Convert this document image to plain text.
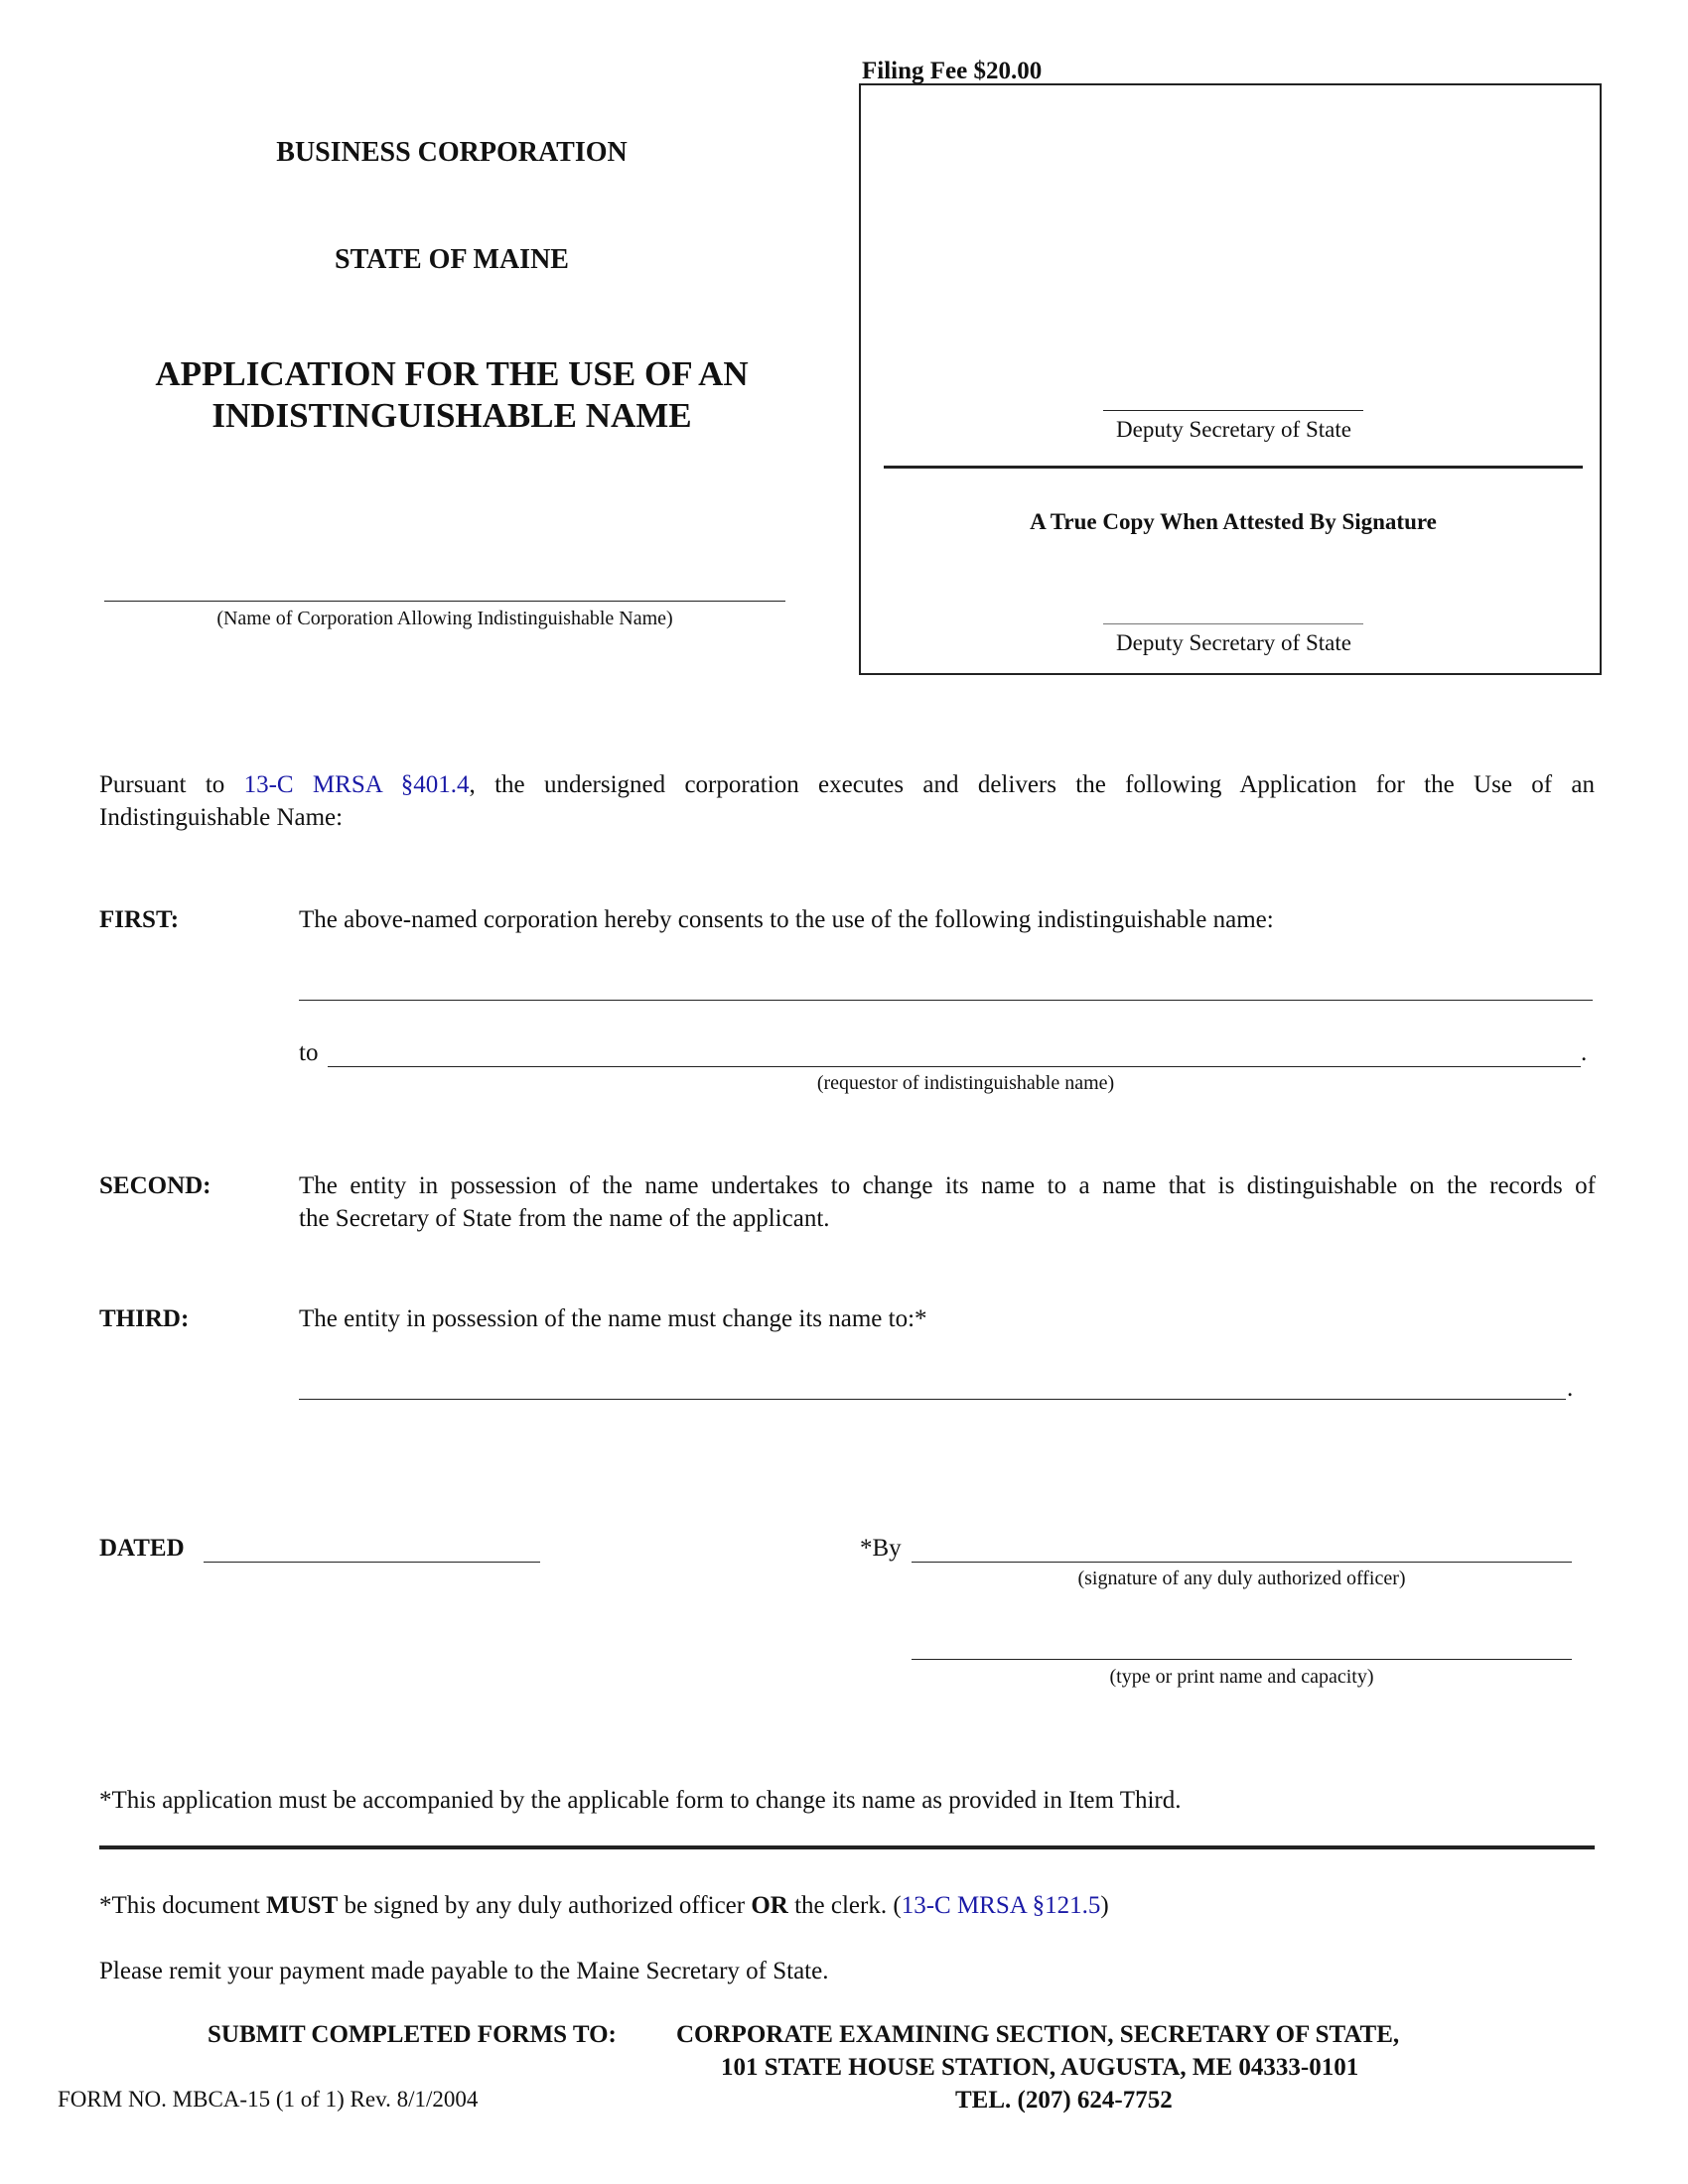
BUSINESS CORPORATION
STATE OF MAINE
APPLICATION FOR THE USE OF AN
INDISTINGUISHABLE NAME
(Name of Corporation Allowing Indistinguishable Name)
Filing Fee $20.00
Deputy Secretary of State
A True Copy When Attested By Signature
Deputy Secretary of State
Pursuant to 13-C MRSA §401.4, the undersigned corporation executes and delivers the following Application for the Use of an
Indistinguishable Name:
FIRST:	The above-named corporation hereby consents to the use of the following indistinguishable name:
to	.
(requestor of indistinguishable name)
SECOND:	The entity in possession of the name undertakes to change its name to a name that is distinguishable on the records of
the Secretary of State from the name of the applicant.
THIRD:	The entity in possession of the name must change its name to:*
.
DATED	*By
(signature of any duly authorized officer)
(type or print name and capacity)
*This application must be accompanied by the applicable form to change its name as provided in Item Third.
*This document MUST be signed by any duly authorized officer OR the clerk. (13-C MRSA §121.5)
Please remit your payment made payable to the Maine Secretary of State.
SUBMIT COMPLETED FORMS TO: CORPORATE EXAMINING SECTION, SECRETARY OF STATE,
101 STATE HOUSE STATION, AUGUSTA, ME 04333-0101
TEL. (207) 624-7752
FORM NO. MBCA-15 (1 of 1) Rev. 8/1/2004
